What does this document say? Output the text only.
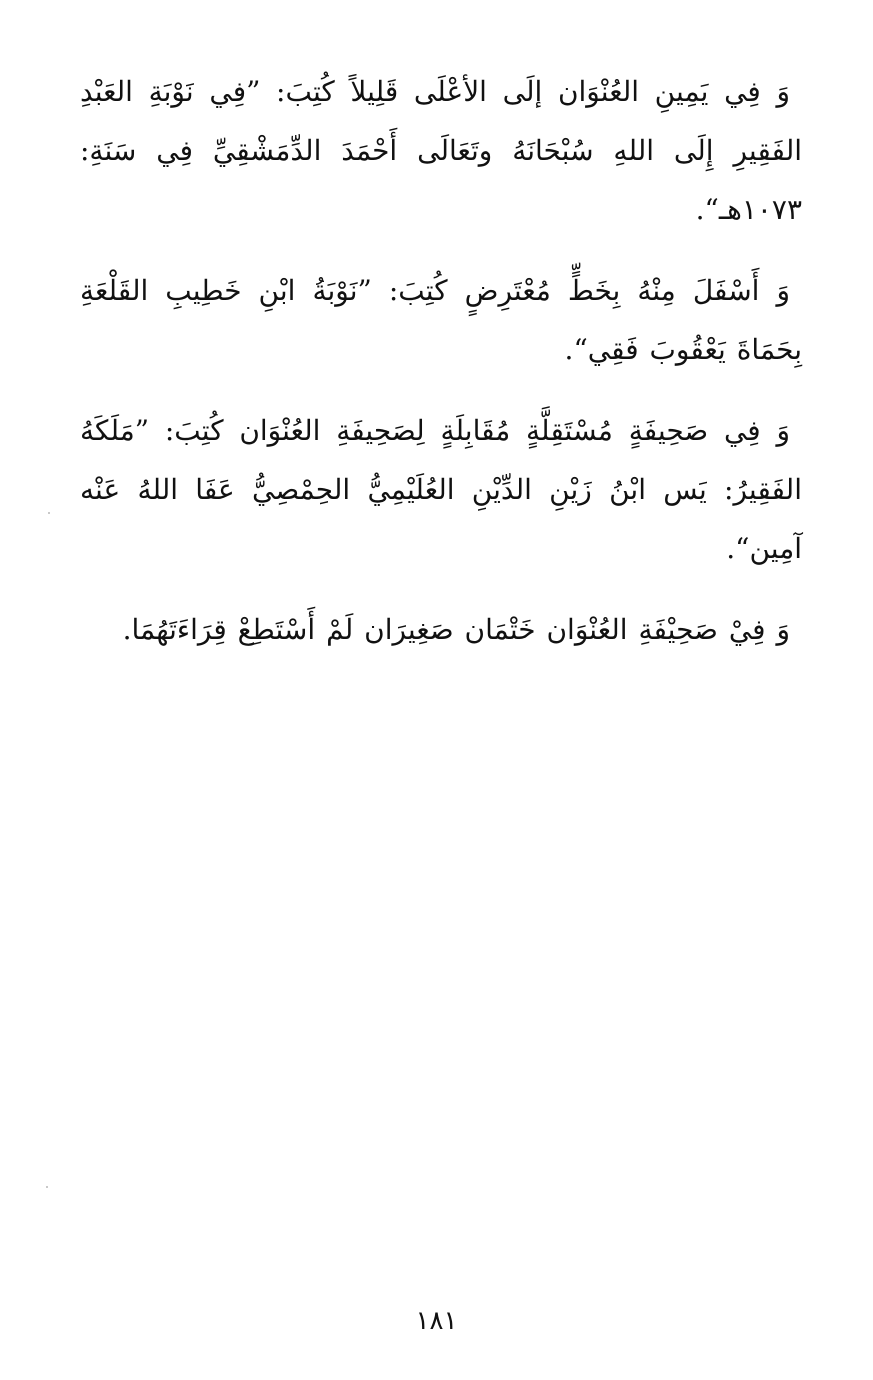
وَ فِي يَمِينِ العُنْوَان إلَى الأعْلَى قَلِيلاً كُتِبَ: ”فِي نَوْبَةِ العَبْدِ الفَقِيرِ إِلَى اللهِ سُبْحَانَهُ وتَعَالَى أَحْمَدَ الدِّمَشْقِيِّ فِي سَنَةِ: ١٠٧٣هـ“.

وَ أَسْفَلَ مِنْهُ بِخَطٍّ مُعْتَرِضٍ كُتِبَ: ”نَوْبَةُ ابْنِ خَطِيبِ القَلْعَةِ بِحَمَاةَ يَعْقُوبَ فَقِي“.

وَ فِي صَحِيفَةٍ مُسْتَقِلَّةٍ مُقَابِلَةٍ لِصَحِيفَةِ العُنْوَان كُتِبَ: ”مَلَكَهُ الفَقِيرُ: يَس ابْنُ زَيْنِ الدِّيْنِ العُلَيْمِيُّ الحِمْصِيُّ عَفَا اللهُ عَنْه آمِين“.

وَ فِيْ صَحِيْفَةِ العُنْوَان خَتْمَان صَغِيرَان لَمْ أَسْتَطِعْ قِرَاءَتَهُمَا.

١٨١
